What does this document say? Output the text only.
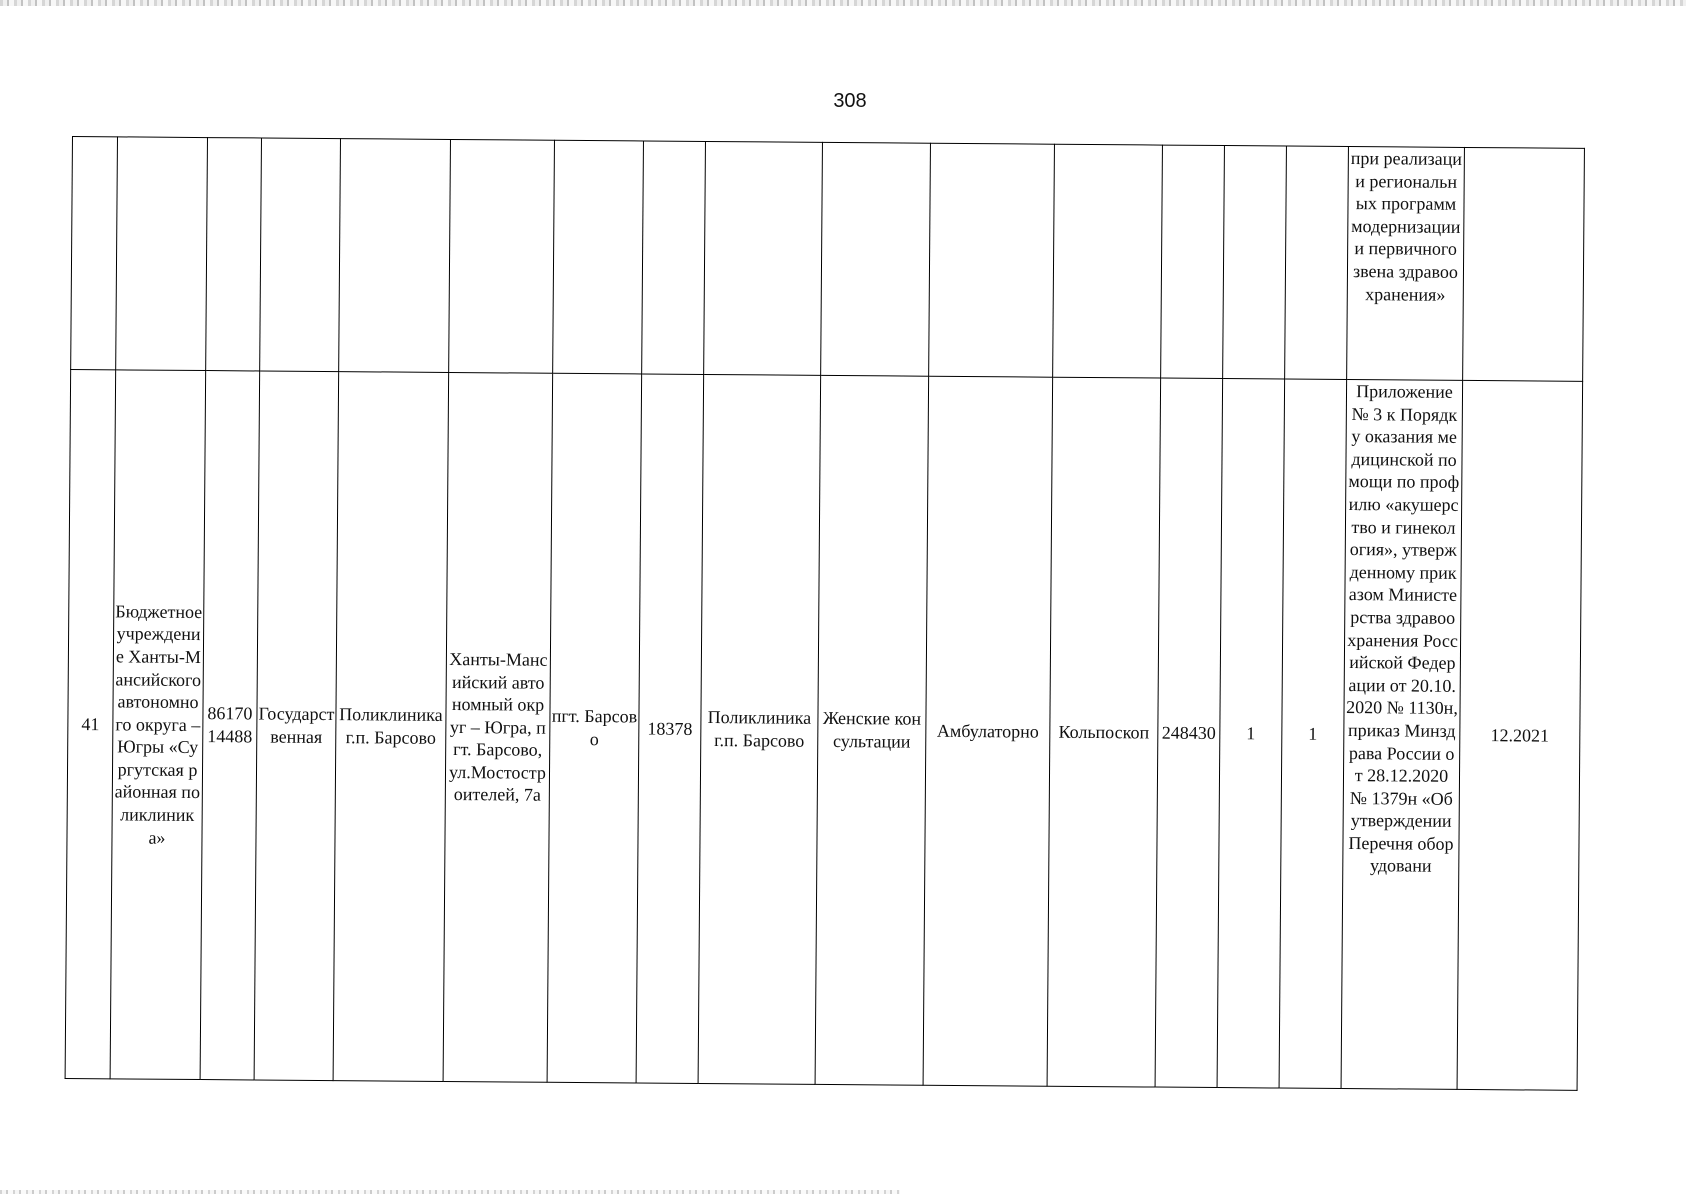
308
															при реализации региональных программ модернизации и первичного звена здравоохранения»	
41	Бюджетное учреждение Ханты-Мансийского автономного округа – Югры «Сургутская районная поликлиника»	8617014488	Государственная	Поликлиника г.п. Барсово	Ханты-Мансийский автономный округ – Югра, пгт. Барсово, ул.Мостостроителей, 7а	пгт. Барсово	18378	Поликлиника г.п. Барсово	Женские консультации	Амбулаторно	Кольпоскоп	248430	1	1	Приложение № 3 к Порядку оказания медицинской помощи по профилю «акушерство и гинекология», утвержденному приказом Министерства здравоохранения Российской Федерации от 20.10.2020 № 1130н, приказ Минздрава России от 28.12.2020 № 1379н «Об утверждении Перечня оборудовани	12.2021
